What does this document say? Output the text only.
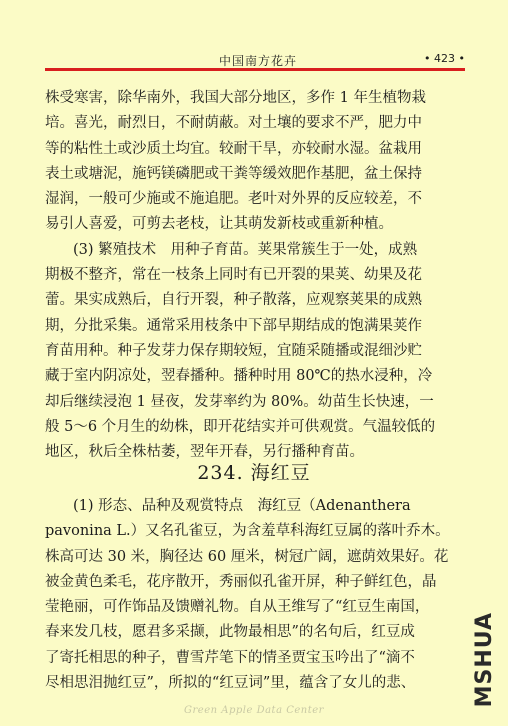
中国南方花卉	• 423 •
株受寒害，除华南外，我国大部分地区，多作 1 年生植物栽
培。喜光，耐烈日，不耐荫蔽。对土壤的要求不严，肥力中
等的粘性土或沙质土均宜。较耐干旱，亦较耐水湿。盆栽用
表土或塘泥，施钙镁磷肥或干粪等缓效肥作基肥，盆土保持
湿润，一般可少施或不施追肥。老叶对外界的反应较差，不
易引人喜爱，可剪去老枝，让其萌发新枝或重新种植。
(3) 繁殖技术　用种子育苗。荚果常簇生于一处，成熟
期极不整齐，常在一枝条上同时有已开裂的果荚、幼果及花
蕾。果实成熟后，自行开裂，种子散落，应观察荚果的成熟
期，分批采集。通常采用枝条中下部早期结成的饱满果荚作
育苗用种。种子发芽力保存期较短，宜随采随播或混细沙贮
藏于室内阴凉处，翌春播种。播种时用 80℃的热水浸种，冷
却后继续浸泡 1 昼夜，发芽率约为 80%。幼苗生长快速，一
般 5～6 个月生的幼株，即开花结实并可供观赏。气温较低的
地区，秋后全株枯萎，翌年开春，另行播种育苗。
234. 海红豆
(1) 形态、品种及观赏特点　海红豆（Adenanthera
pavonina L.）又名孔雀豆，为含羞草科海红豆属的落叶乔木。
株高可达 30 米，胸径达 60 厘米，树冠广阔，遮荫效果好。花
被金黄色柔毛，花序散开，秀丽似孔雀开屏，种子鲜红色，晶
莹艳丽，可作饰品及馈赠礼物。自从王维写了“红豆生南国，
春来发几枝，愿君多采撷，此物最相思”的名句后，红豆成
了寄托相思的种子，曹雪芹笔下的情圣贾宝玉吟出了“滴不
尽相思泪抛红豆”，所拟的“红豆词”里，蕴含了女儿的悲、	MSHUA
Green Apple Data Center
